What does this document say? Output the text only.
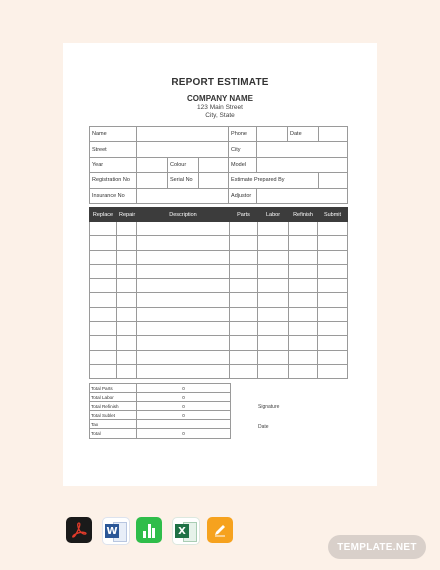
REPORT ESTIMATE
COMPANY NAME
123 Main Street
City, State
Name				Phone		Date	
Street				City			
Year		Colour		Model			
Registration No		Serial No		Estimate Prepared By			
Insurance No				Adjustor			
Replace	Repair	Description	Parts	Labor	Refinish	Submit

Total Parts	0
Total Labor	0
Total Refinish	0
Total Sublet	0
Tax	
Total	0
Signature
Date
W	X
TEMPLATE.NET
